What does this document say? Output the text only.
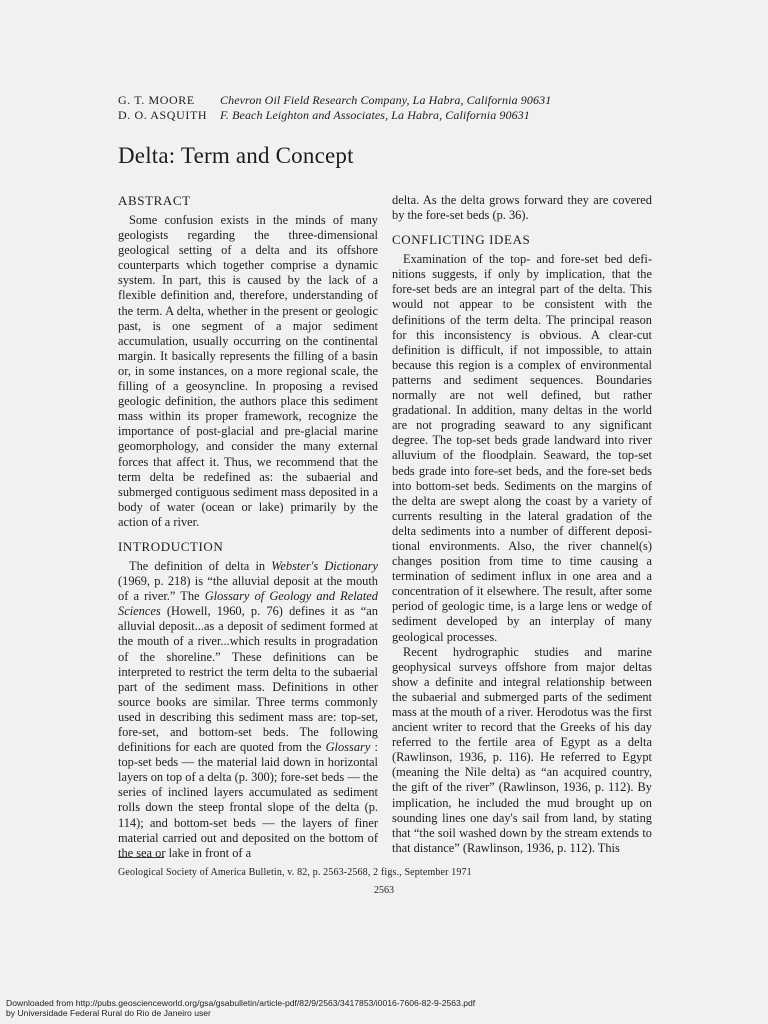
G. T. MOORE	Chevron Oil Field Research Company, La Habra, California 90631
D. O. ASQUITH	F. Beach Leighton and Associates, La Habra, California 90631
Delta: Term and Concept
ABSTRACT

Some confusion exists in the minds of many geologists regarding the three-dimensional geological setting of a delta and its offshore counterparts which together comprise a dynamic system. In part, this is caused by the lack of a flexible definition and, therefore, understanding of the term. A delta, whether in the present or geologic past, is one segment of a major sediment accumulation, usually occurring on the continental margin. It basically represents the filling of a basin or, in some instances, on a more regional scale, the filling of a geosyncline. In proposing a revised geologic definition, the authors place this sediment mass within its proper framework, recognize the importance of post-glacial and pre-glacial marine geomorphology, and consider the many external forces that affect it. Thus, we recommend that the term delta be redefined as: the subaerial and submerged contiguous sediment mass deposited in a body of water (ocean or lake) primarily by the action of a river.

INTRODUCTION

The definition of delta in Webster's Dictionary (1969, p. 218) is “the alluvial deposit at the mouth of a river.” The Glossary of Geology and Related Sciences (Howell, 1960, p. 76) defines it as “an alluvial deposit...as a deposit of sediment formed at the mouth of a river...which results in progradation of the shoreline.” These definitions can be interpreted to restrict the term delta to the subaerial part of the sediment mass. Definitions in other source books are similar. Three terms commonly used in describing this sediment mass are: top-set, fore-set, and bottom-set beds. The following definitions for each are quoted from the Glossary : top-set beds — the material laid down in horizontal layers on top of a delta (p. 300); fore-set beds — the series of inclined layers accumulated as sediment rolls down the steep frontal slope of the delta (p. 114); and bottom-set beds — the layers of finer material carried out and deposited on the bottom of the sea or lake in front of a

delta. As the delta grows forward they are covered by the fore-set beds (p. 36).

CONFLICTING IDEAS

Examination of the top- and fore-set bed definitions suggests, if only by implication, that the fore-set beds are an integral part of the delta. This would not appear to be consistent with the definitions of the term delta. The principal reason for this inconsistency is obvious. A clear-cut definition is difficult, if not impossible, to attain because this region is a complex of environmental patterns and sediment sequences. Boundaries normally are not well defined, but rather gradational. In addition, many deltas in the world are not prograding seaward to any significant degree. The top-set beds grade landward into river alluvium of the floodplain. Seaward, the top-set beds grade into fore-set beds, and the fore-set beds into bottom-set beds. Sediments on the margins of the delta are swept along the coast by a variety of currents resulting in the lateral gradation of the delta sediments into a number of different depositional environments. Also, the river channel(s) changes position from time to time causing a termination of sediment influx in one area and a concentration of it elsewhere. The result, after some period of geologic time, is a large lens or wedge of sediment developed by an interplay of many geological processes.

Recent hydrographic studies and marine geophysical surveys offshore from major deltas show a definite and integral relationship between the subaerial and submerged parts of the sediment mass at the mouth of a river. Herodotus was the first ancient writer to record that the Greeks of his day referred to the fertile area of Egypt as a delta (Rawlinson, 1936, p. 116). He referred to Egypt (meaning the Nile delta) as “an acquired country, the gift of the river” (Rawlinson, 1936, p. 112). By implication, he included the mud brought up on sounding lines one day's sail from land, by stating that “the soil washed down by the stream extends to that distance” (Rawlinson, 1936, p. 112). This

Geological Society of America Bulletin, v. 82, p. 2563-2568, 2 figs., September 1971
2563
Downloaded from http://pubs.geoscienceworld.org/gsa/gsabulletin/article-pdf/82/9/2563/3417853/i0016-7606-82-9-2563.pdf
by Universidade Federal Rural do Rio de Janeiro user
